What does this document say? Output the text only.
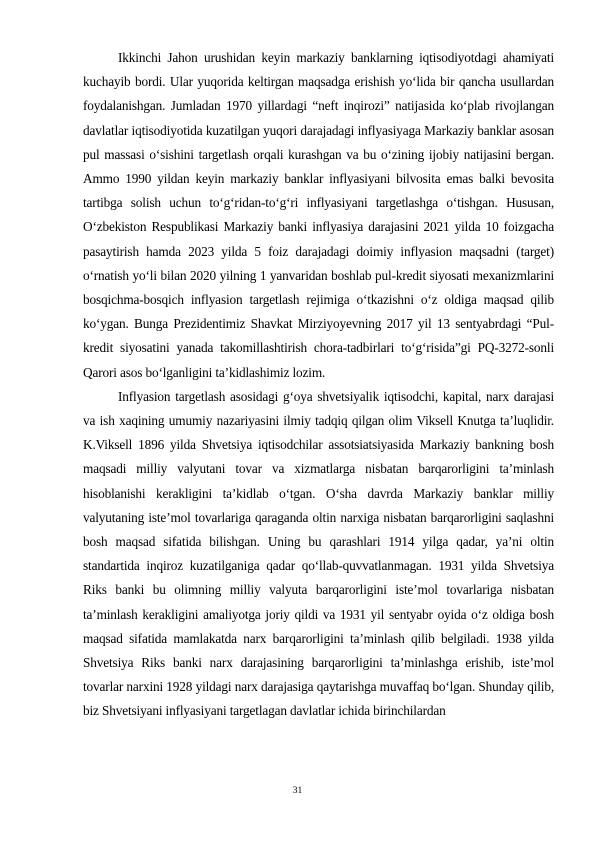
Ikkinchi Jahon urushidan keyin markaziy banklarning iqtisodiyotdagi ahamiyati kuchayib bordi. Ular yuqorida keltirgan maqsadga erishish yo‘lida bir qancha usullardan foydalanishgan. Jumladan 1970 yillardagi “neft inqirozi” natijasida ko‘plab rivojlangan davlatlar iqtisodiyotida kuzatilgan yuqori darajadagi inflyasiyaga Markaziy banklar asosan pul massasi o‘sishini targetlash orqali kurashgan va bu o‘zining ijobiy natijasini bergan. Ammo 1990 yildan keyin markaziy banklar inflyasiyani bilvosita emas balki bevosita tartibga solish uchun to‘g‘ridan-to‘g‘ri inflyasiyani targetlashga o‘tishgan. Hususan, O‘zbekiston Respublikasi Markaziy banki inflyasiya darajasini 2021 yilda 10 foizgacha pasaytirish hamda 2023 yilda 5 foiz darajadagi doimiy inflyasion maqsadni (target) o‘rnatish yo‘li bilan 2020 yilning 1 yanvaridan boshlab pul-kredit siyosati mexanizmlarini bosqichma-bosqich inflyasion targetlash rejimiga o‘tkazishni o‘z oldiga maqsad qilib ko‘ygan. Bunga Prezidentimiz Shavkat Mirziyoyevning 2017 yil 13 sentyabrdagi “Pul-kredit siyosatini yanada takomillashtirish chora-tadbirlari to‘g‘risida”gi PQ-3272-sonli Qarori asos bo‘lganligini ta’kidlashimiz lozim.

Inflyasion targetlash asosidagi g‘oya shvetsiyalik iqtisodchi, kapital, narx darajasi va ish xaqining umumiy nazariyasini ilmiy tadqiq qilgan olim Viksell Knutga ta’luqlidir. K.Viksell 1896 yilda Shvetsiya iqtisodchilar assotsiatsiyasida Markaziy bankning bosh maqsadi milliy valyutani tovar va xizmatlarga nisbatan barqarorligini ta’minlash hisoblanishi kerakligini ta’kidlab o‘tgan. O‘sha davrda Markaziy banklar milliy valyutaning iste’mol tovarlariga qaraganda oltin narxiga nisbatan barqarorligini saqlashni bosh maqsad sifatida bilishgan. Uning bu qarashlari 1914 yilga qadar, ya’ni oltin standartida inqiroz kuzatilganiga qadar qo‘llab-quvvatlanmagan. 1931 yilda Shvetsiya Riks banki bu olimning milliy valyuta barqarorligini iste’mol tovarlariga nisbatan ta’minlash kerakligini amaliyotga joriy qildi va 1931 yil sentyabr oyida o‘z oldiga bosh maqsad sifatida mamlakatda narx barqarorligini ta’minlash qilib belgiladi. 1938 yilda Shvetsiya Riks banki narx darajasining barqarorligini ta’minlashga erishib, iste’mol tovarlar narxini 1928 yildagi narx darajasiga qaytarishga muvaffaq bo‘lgan. Shunday qilib, biz Shvetsiyani inflyasiyani targetlagan davlatlar ichida birinchilardan

31
